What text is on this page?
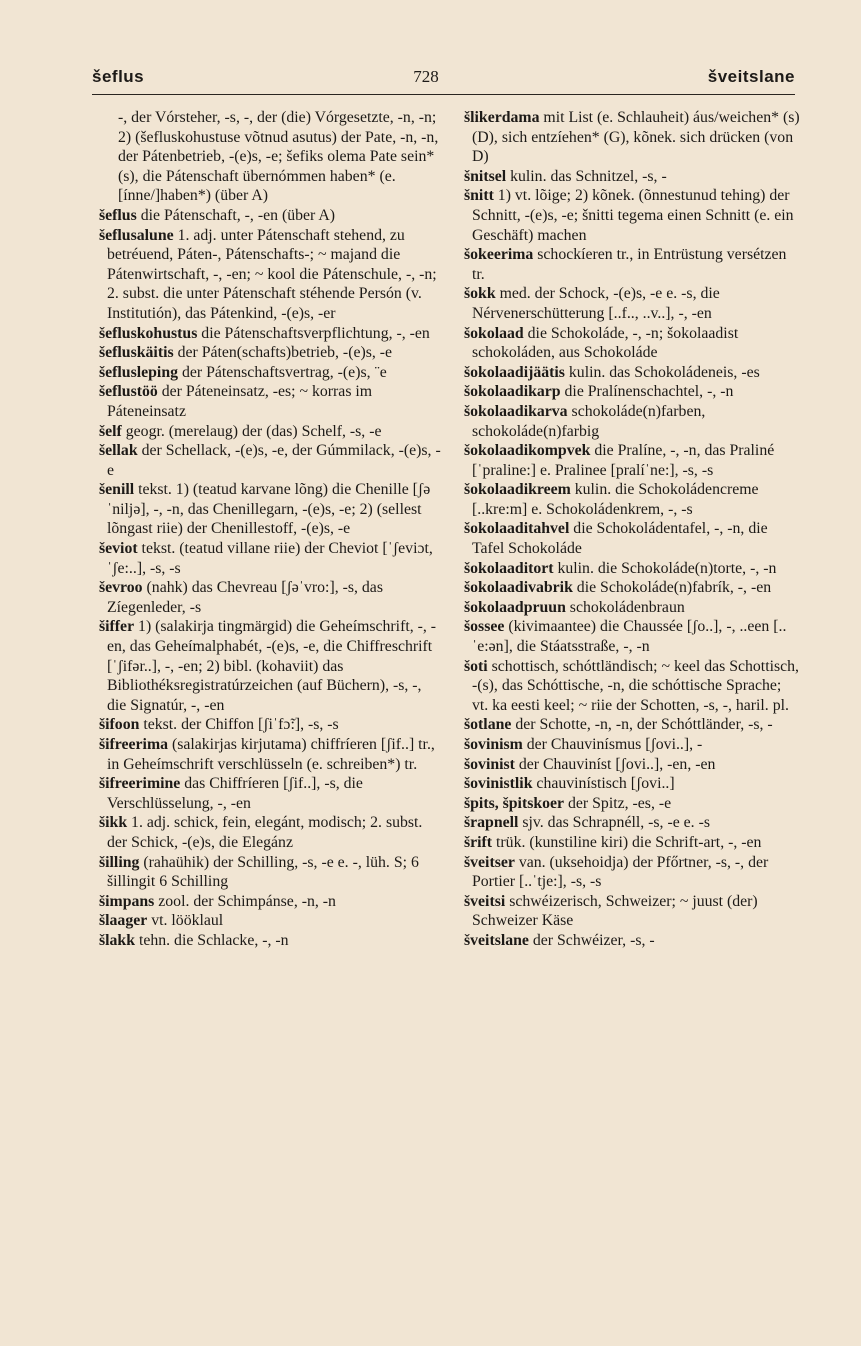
šeflus	728	šveitslane

-, der Vórsteher, -s, -, der (die) Vórgesetzte, -n, -n; 2) (šefluskohustuse võtnud asutus) der Pate, -n, -n, der Pátenbetrieb, -(e)s, -e; šefiks olema Pate sein* (s), die Pátenschaft übernómmen haben* (e. [ínne/]haben*) (über A)

šeflus die Pátenschaft, -, -en (über A)

šeflusalune 1. adj. unter Pátenschaft stehend, zu betréuend, Páten-, Pátenschafts-; ~ majand die Pátenwirtschaft, -, -en; ~ kool die Pátenschule, -, -n; 2. subst. die unter Pátenschaft stéhende Persón (v. Institutión), das Pátenkind, -(e)s, -er

šefluskohustus die Pátenschaftsverpflichtung, -, -en

šefluskäitis der Páten(schafts)betrieb, -(e)s, -e

šeflusleping der Pátenschaftsvertrag, -(e)s, ¨e

šeflustöö der Páteneinsatz, -es; ~ korras im Páteneinsatz

šelf geogr. (merelaug) der (das) Schelf, -s, -e

šellak der Schellack, -(e)s, -e, der Gúmmilack, -(e)s, -e

šenill tekst. 1) (teatud karvane lõng) die Chenille [ʃəˈniljə], -, -n, das Chenillegarn, -(e)s, -e; 2) (sellest lõngast riie) der Chenillestoff, -(e)s, -e

ševiot tekst. (teatud villane riie) der Cheviot [ˈʃeviɔt, ˈʃe:..], -s, -s

ševroo (nahk) das Chevreau [ʃəˈvro:], -s, das Zíegenleder, -s

šiffer 1) (salakirja tingmärgid) die Geheímschrift, -, -en, das Geheímalphabét, -(e)s, -e, die Chiffreschrift [ˈʃifər..], -, -en; 2) bibl. (kohaviit) das Bibliothéksregistratúrzeichen (auf Büchern), -s, -, die Signatúr, -, -en

šifoon tekst. der Chiffon [ʃiˈfɔ̃:], -s, -s

šifreerima (salakirjas kirjutama) chiffríeren [ʃif..] tr., in Geheímschrift verschlüsseln (e. schreiben*) tr.

šifreerimine das Chiffríeren [ʃif..], -s, die Verschlüsselung, -, -en

šikk 1. adj. schick, fein, elegánt, modisch; 2. subst. der Schick, -(e)s, die Elegánz

šilling (rahaühik) der Schilling, -s, -e e. -, lüh. S; 6 šillingit 6 Schilling

šimpans zool. der Schimpánse, -n, -n

šlaager vt. lööklaul

šlakk tehn. die Schlacke, -, -n

šlikerdama mit List (e. Schlauheit) áus/weichen* (s) (D), sich entzíehen* (G), kõnek. sich drücken (von D)

šnitsel kulin. das Schnitzel, -s, -

šnitt 1) vt. lõige; 2) kõnek. (õnnestunud tehing) der Schnitt, -(e)s, -e; šnitti tegema einen Schnitt (e. ein Geschäft) machen

šokeerima schockíeren tr., in Entrüstung versétzen tr.

šokk med. der Schock, -(e)s, -e e. -s, die Nérvenerschütterung [..f.., ..v..], -, -en

šokolaad die Schokoláde, -, -n; šokolaadist schokoláden, aus Schokoláde

šokolaadijäätis kulin. das Schokoládeneis, -es

šokolaadikarp die Pralínenschachtel, -, -n

šokolaadikarva schokoláde(n)farben, schokoláde(n)farbig

šokolaadikompvek die Pralíne, -, -n, das Praliné [ˈpraline:] e. Pralinee [pralíˈne:], -s, -s

šokolaadikreem kulin. die Schokoládencreme [..kre:m] e. Schokoládenkrem, -, -s

šokolaaditahvel die Schokoládentafel, -, -n, die Tafel Schokoláde

šokolaaditort kulin. die Schokoláde(n)torte, -, -n

šokolaadivabrik die Schokoláde(n)fabrík, -, -en

šokolaadpruun schokoládenbraun

šossee (kivimaantee) die Chaussée [ʃo..], -, ..een [..ˈe:ən], die Stáatsstraße, -, -n

šoti schottisch, schóttländisch; ~ keel das Schottisch, -(s), das Schóttische, -n, die schóttische Sprache; vt. ka eesti keel; ~ riie der Schotten, -s, -, haril. pl.

šotlane der Schotte, -n, -n, der Schóttländer, -s, -

šovinism der Chauvinísmus [ʃovi..], -

šovinist der Chauviníst [ʃovi..], -en, -en

šovinistlik chauvinístisch [ʃovi..]

špits, špitskoer der Spitz, -es, -e

šrapnell sjv. das Schrapnéll, -s, -e e. -s

šrift trük. (kunstiline kiri) die Schrift-art, -, -en

šveitser van. (uksehoidja) der Pfőrtner, -s, -, der Portier [..ˈtje:], -s, -s

šveitsi schwéizerisch, Schweizer; ~ juust (der) Schweizer Käse

šveitslane der Schwéizer, -s, -
